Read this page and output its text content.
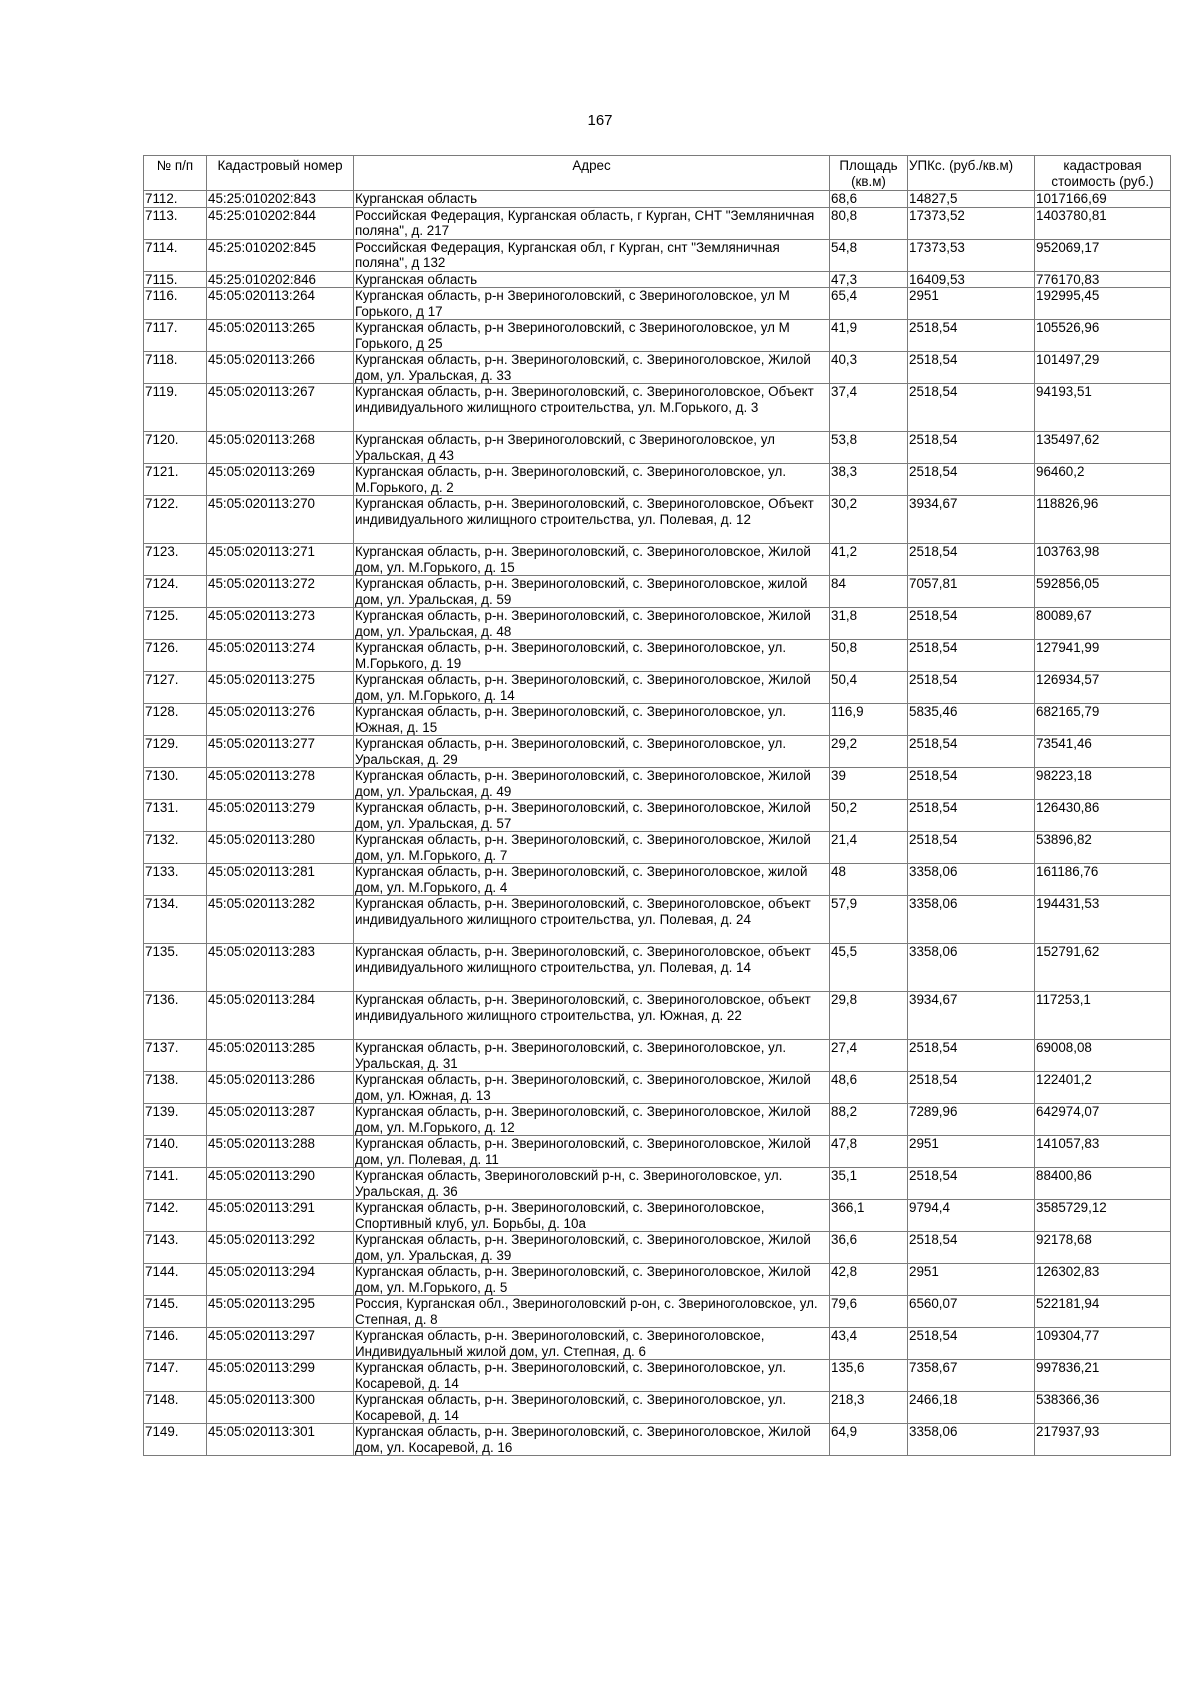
167
№ п/п	Кадастровый номер	Адрес	Площадь (кв.м)	УПКс. (руб./кв.м)	кадастровая стоимость (руб.)
7112.	45:25:010202:843	Курганская область	68,6	14827,5	1017166,69
7113.	45:25:010202:844	Российская Федерация, Курганская область, г Курган, СНТ "Земляничная поляна", д. 217	80,8	17373,52	1403780,81
7114.	45:25:010202:845	Российская Федерация, Курганская обл, г Курган, снт "Земляничная поляна", д 132	54,8	17373,53	952069,17
7115.	45:25:010202:846	Курганская область	47,3	16409,53	776170,83
7116.	45:05:020113:264	Курганская область, р-н Звериноголовский, с Звериноголовское, ул М Горького, д 17	65,4	2951	192995,45
7117.	45:05:020113:265	Курганская область, р-н Звериноголовский, с Звериноголовское, ул М Горького, д 25	41,9	2518,54	105526,96
7118.	45:05:020113:266	Курганская область, р-н. Звериноголовский, с. Звериноголовское, Жилой дом, ул. Уральская, д. 33	40,3	2518,54	101497,29
7119.	45:05:020113:267	Курганская область, р-н. Звериноголовский, с. Звериноголовское, Объект индивидуального жилищного строительства, ул. М.Горького, д. 3	37,4	2518,54	94193,51
7120.	45:05:020113:268	Курганская область, р-н Звериноголовский, с Звериноголовское, ул Уральская, д 43	53,8	2518,54	135497,62
7121.	45:05:020113:269	Курганская область, р-н. Звериноголовский, с. Звериноголовское, ул. М.Горького, д. 2	38,3	2518,54	96460,2
7122.	45:05:020113:270	Курганская область, р-н. Звериноголовский, с. Звериноголовское, Объект индивидуального жилищного строительства, ул. Полевая, д. 12	30,2	3934,67	118826,96
7123.	45:05:020113:271	Курганская область, р-н. Звериноголовский, с. Звериноголовское, Жилой дом, ул. М.Горького, д. 15	41,2	2518,54	103763,98
7124.	45:05:020113:272	Курганская область, р-н. Звериноголовский, с. Звериноголовское, жилой дом, ул. Уральская, д. 59	84	7057,81	592856,05
7125.	45:05:020113:273	Курганская область, р-н. Звериноголовский, с. Звериноголовское, Жилой дом, ул. Уральская, д. 48	31,8	2518,54	80089,67
7126.	45:05:020113:274	Курганская область, р-н. Звериноголовский, с. Звериноголовское, ул. М.Горького, д. 19	50,8	2518,54	127941,99
7127.	45:05:020113:275	Курганская область, р-н. Звериноголовский, с. Звериноголовское, Жилой дом, ул. М.Горького, д. 14	50,4	2518,54	126934,57
7128.	45:05:020113:276	Курганская область, р-н. Звериноголовский, с. Звериноголовское, ул. Южная, д. 15	116,9	5835,46	682165,79
7129.	45:05:020113:277	Курганская область, р-н. Звериноголовский, с. Звериноголовское, ул. Уральская, д. 29	29,2	2518,54	73541,46
7130.	45:05:020113:278	Курганская область, р-н. Звериноголовский, с. Звериноголовское, Жилой дом, ул. Уральская, д. 49	39	2518,54	98223,18
7131.	45:05:020113:279	Курганская область, р-н. Звериноголовский, с. Звериноголовское, Жилой дом, ул. Уральская, д. 57	50,2	2518,54	126430,86
7132.	45:05:020113:280	Курганская область, р-н. Звериноголовский, с. Звериноголовское, Жилой дом, ул. М.Горького, д. 7	21,4	2518,54	53896,82
7133.	45:05:020113:281	Курганская область, р-н. Звериноголовский, с. Звериноголовское, жилой дом, ул. М.Горького, д. 4	48	3358,06	161186,76
7134.	45:05:020113:282	Курганская область, р-н. Звериноголовский, с. Звериноголовское, объект индивидуального жилищного строительства, ул. Полевая, д. 24	57,9	3358,06	194431,53
7135.	45:05:020113:283	Курганская область, р-н. Звериноголовский, с. Звериноголовское, объект индивидуального жилищного строительства, ул. Полевая, д. 14	45,5	3358,06	152791,62
7136.	45:05:020113:284	Курганская область, р-н. Звериноголовский, с. Звериноголовское, объект индивидуального жилищного строительства, ул. Южная, д. 22	29,8	3934,67	117253,1
7137.	45:05:020113:285	Курганская область, р-н. Звериноголовский, с. Звериноголовское, ул. Уральская, д. 31	27,4	2518,54	69008,08
7138.	45:05:020113:286	Курганская область, р-н. Звериноголовский, с. Звериноголовское, Жилой дом, ул. Южная, д. 13	48,6	2518,54	122401,2
7139.	45:05:020113:287	Курганская область, р-н. Звериноголовский, с. Звериноголовское, Жилой дом, ул. М.Горького, д. 12	88,2	7289,96	642974,07
7140.	45:05:020113:288	Курганская область, р-н. Звериноголовский, с. Звериноголовское, Жилой дом, ул. Полевая, д. 11	47,8	2951	141057,83
7141.	45:05:020113:290	Курганская область, Звериноголовский р-н, с. Звериноголовское, ул. Уральская, д. 36	35,1	2518,54	88400,86
7142.	45:05:020113:291	Курганская область, р-н. Звериноголовский, с. Звериноголовское, Спортивный клуб, ул. Борьбы, д. 10а	366,1	9794,4	3585729,12
7143.	45:05:020113:292	Курганская область, р-н. Звериноголовский, с. Звериноголовское, Жилой дом, ул. Уральская, д. 39	36,6	2518,54	92178,68
7144.	45:05:020113:294	Курганская область, р-н. Звериноголовский, с. Звериноголовское, Жилой дом, ул. М.Горького, д. 5	42,8	2951	126302,83
7145.	45:05:020113:295	Россия, Курганская обл., Звериноголовский р-он, с. Звериноголовское, ул. Степная, д. 8	79,6	6560,07	522181,94
7146.	45:05:020113:297	Курганская область, р-н. Звериноголовский, с. Звериноголовское, Индивидуальный жилой дом, ул. Степная, д. 6	43,4	2518,54	109304,77
7147.	45:05:020113:299	Курганская область, р-н. Звериноголовский, с. Звериноголовское, ул. Косаревой, д. 14	135,6	7358,67	997836,21
7148.	45:05:020113:300	Курганская область, р-н. Звериноголовский, с. Звериноголовское, ул. Косаревой, д. 14	218,3	2466,18	538366,36
7149.	45:05:020113:301	Курганская область, р-н. Звериноголовский, с. Звериноголовское, Жилой дом, ул. Косаревой, д. 16	64,9	3358,06	217937,93
